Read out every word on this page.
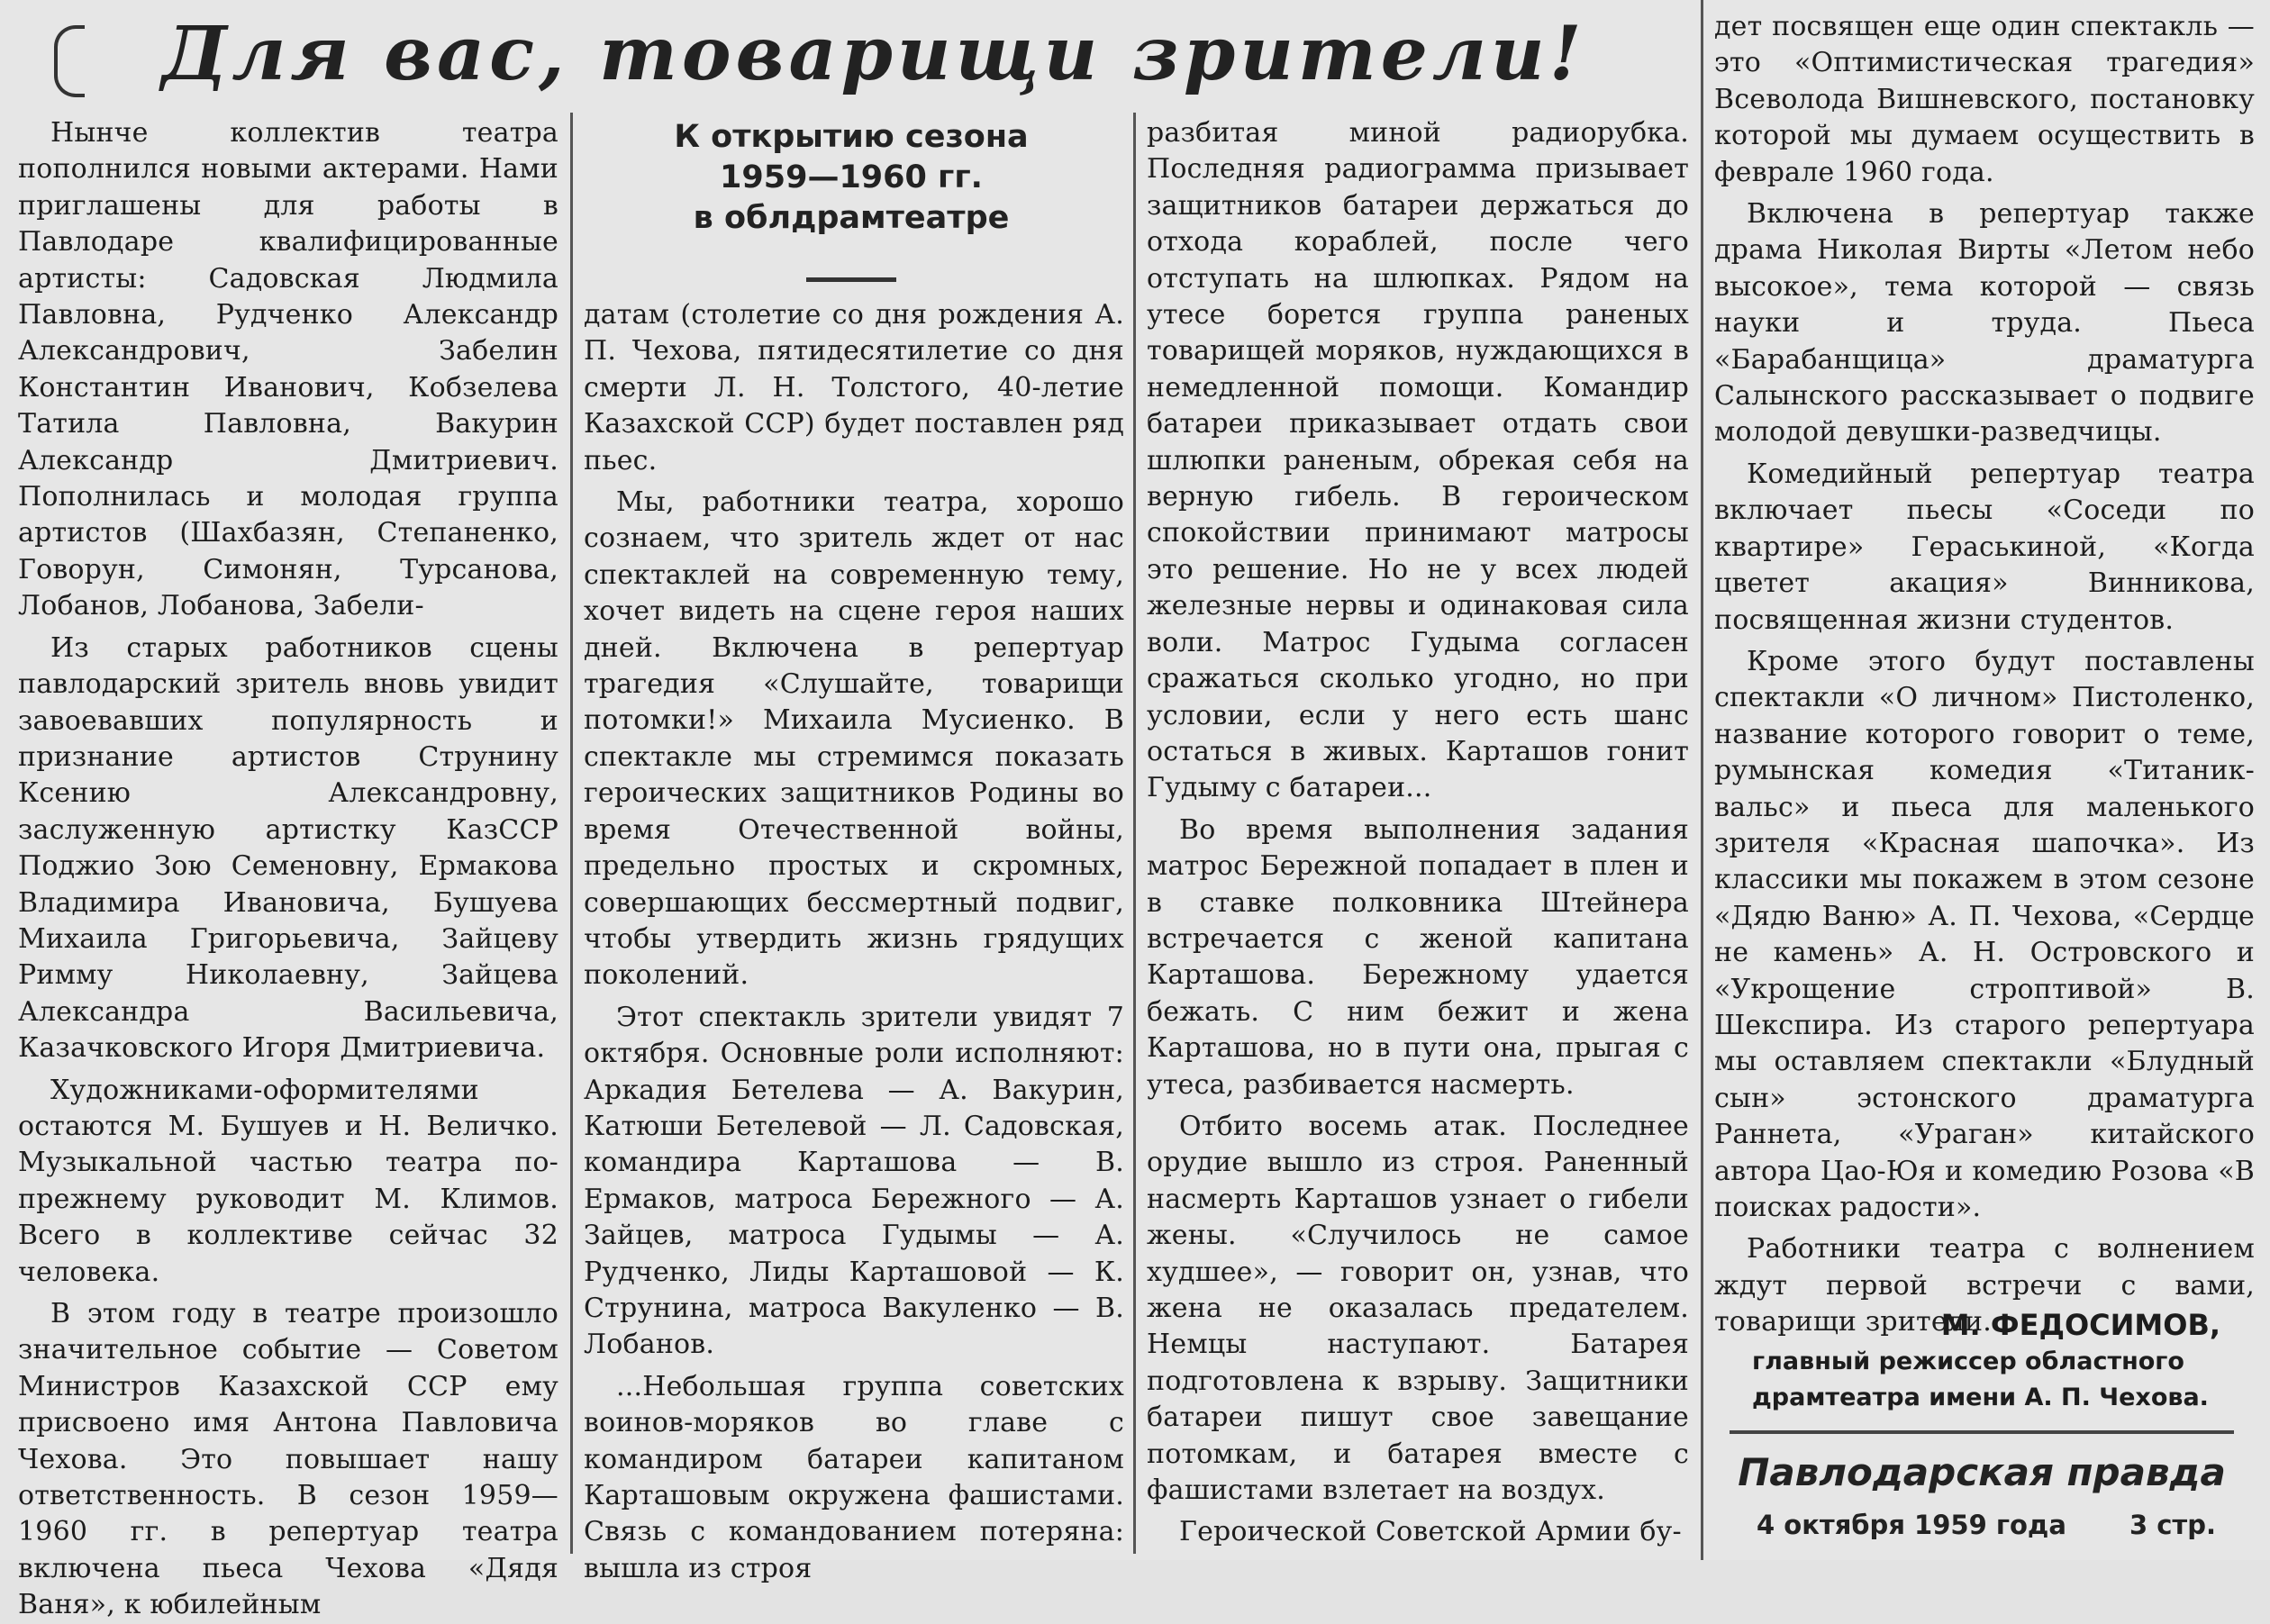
Для вас, товарищи зрители!
К открытию сезона
1959—1960 гг.
в облдрамтеатре

Нынче коллектив театра пополнился новыми актерами. Нами приглашены для работы в Павлодаре квалифицированные артисты: Садовская Людмила Павловна, Рудченко Александр Александрович, Забелин Константин Иванович, Кобзелева Татила Павловна, Вакурин Александр Дмитриевич. Пополнилась и молодая группа артистов (Шахбазян, Степаненко, Говорун, Симонян, Турсанова, Лобанов, Лобанова, Забели-

Из старых работников сцены павлодарский зритель вновь увидит завоевавших популярность и признание артистов Струнину Ксению Александровну, заслуженную артистку КазССР Поджио Зою Семеновну, Ермакова Владимира Ивановича, Бушуева Михаила Григорьевича, Зайцеву Римму Николаевну, Зайцева Александра Васильевича, Казачковского Игоря Дмитриевича.

Художниками-оформителями остаются М. Бушуев и Н. Величко. Музыкальной частью театра по-прежнему руководит М. Климов. Всего в коллективе сейчас 32 человека.

В этом году в театре произошло значительное событие — Советом Министров Казахской ССР ему присвоено имя Антона Павловича Чехова. Это повышает нашу ответственность. В сезон 1959—1960 гг. в репертуар театра включена пьеса Чехова «Дядя Ваня», к юбилейным

датам (столетие со дня рождения А. П. Чехова, пятидесятилетие со дня смерти Л. Н. Толстого, 40-летие Казахской ССР) будет поставлен ряд пьес.

Мы, работники театра, хорошо сознаем, что зритель ждет от нас спектаклей на современную тему, хочет видеть на сцене героя наших дней. Включена в репертуар трагедия «Слушайте, товарищи потомки!» Михаила Мусиенко. В спектакле мы стремимся показать героических защитников Родины во время Отечественной войны, предельно простых и скромных, совершающих бессмертный подвиг, чтобы утвердить жизнь грядущих поколений.

Этот спектакль зрители увидят 7 октября. Основные роли исполняют: Аркадия Бетелева — А. Вакурин, Катюши Бетелевой — Л. Садовская, командира Карташова — В. Ермаков, матроса Бережного — А. Зайцев, матроса Гудымы — А. Рудченко, Лиды Карташовой — К. Струнина, матроса Вакуленко — В. Лобанов.

...Небольшая группа советских воинов-моряков во главе с командиром батареи капитаном Карташовым окружена фашистами. Связь с командованием потеряна: вышла из строя

разбитая миной радиорубка. Последняя радиограмма призывает защитников батареи держаться до отхода кораблей, после чего отступать на шлюпках. Рядом на утесе борется группа раненых товарищей моряков, нуждающихся в немедленной помощи. Командир батареи приказывает отдать свои шлюпки раненым, обрекая себя на верную гибель. В героическом спокойствии принимают матросы это решение. Но не у всех людей железные нервы и одинаковая сила воли. Матрос Гудыма согласен сражаться сколько угодно, но при условии, если у него есть шанс остаться в живых. Карташов гонит Гудыму с батареи...

Во время выполнения задания матрос Бережной попадает в плен и в ставке полковника Штейнера встречается с женой капитана Карташова. Бережному удается бежать. С ним бежит и жена Карташова, но в пути она, прыгая с утеса, разбивается насмерть.

Отбито восемь атак. Последнее орудие вышло из строя. Раненный насмерть Карташов узнает о гибели жены. «Случилось не самое худшее», — говорит он, узнав, что жена не оказалась предателем. Немцы наступают. Батарея подготовлена к взрыву. Защитники батареи пишут свое завещание потомкам, и батарея вместе с фашистами взлетает на воздух.

Героической Советской Армии бу-

дет посвящен еще один спектакль — это «Оптимистическая трагедия» Всеволода Вишневского, постановку которой мы думаем осуществить в феврале 1960 года.

Включена в репертуар также драма Николая Вирты «Летом небо высокое», тема которой — связь науки и труда. Пьеса «Барабанщица» драматурга Салынского рассказывает о подвиге молодой девушки-разведчицы.

Комедийный репертуар театра включает пьесы «Соседи по квартире» Гераськиной, «Когда цветет акация» Винникова, посвященная жизни студентов.

Кроме этого будут поставлены спектакли «О личном» Пистоленко, название которого говорит о теме, румынская комедия «Титаник-вальс» и пьеса для маленького зрителя «Красная шапочка». Из классики мы покажем в этом сезоне «Дядю Ваню» А. П. Чехова, «Сердце не камень» А. Н. Островского и «Укрощение строптивой» В. Шекспира. Из старого репертуара мы оставляем спектакли «Блудный сын» эстонского драматурга Раннета, «Ураган» китайского автора Цао-Юя и комедию Розова «В поисках радости».

Работники театра с волнением ждут первой встречи с вами, товарищи зрители.

М. ФЕДОСИМОВ,
главный режиссер областного
драмтеатра имени А. П. Чехова.
Павлодарская правда
4 октября 1959 года 3 стр.
